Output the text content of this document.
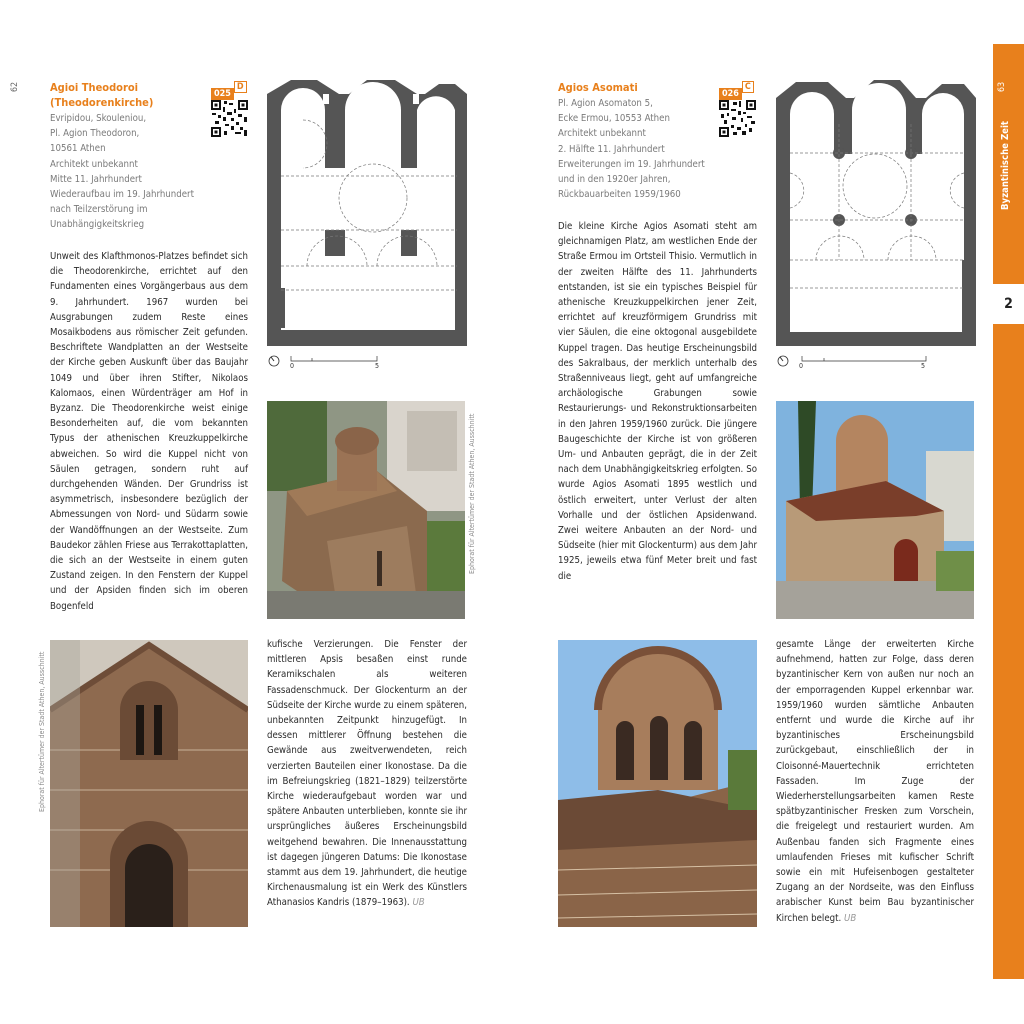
62	Agioi Theodoroi
(Theodorenkirche)
Evripidou, Skouleniou,
Pl. Agion Theodoron,
10561 Athen
Architekt unbekannt
Mitte 11. Jahrhundert
Wiederaufbau im 19. Jahrhundert
nach Teilzerstörung im
Unabhängigkeitskrieg
025D

Unweit des Klafthmonos-Platzes befindet sich die Theodorenkirche, errichtet auf den Fundamenten eines Vorgängerbaus aus dem 9. Jahrhundert. 1967 wurden bei Ausgrabungen zudem Reste eines Mosaikbodens aus römischer Zeit gefunden. Beschriftete Wandplatten an der Westseite der Kirche geben Auskunft über das Baujahr 1049 und über ihren Stifter, Nikolaos Kalomaos, einen Würdenträger am Hof in Byzanz. Die Theodorenkirche weist einige Besonderheiten auf, die vom bekannten Typus der athenischen Kreuzkuppelkirche abweichen. So wird die Kuppel nicht von Säulen getragen, sondern ruht auf durchgehenden Wänden. Der Grundriss ist asymmetrisch, insbesondere bezüglich der Abmessungen von Nord- und Südarm sowie der Wandöffnungen an der Westseite. Zum Baudekor zählen Friese aus Terrakottaplatten, die sich an der Westseite in einem guten Zustand zeigen. In den Fenstern der Kuppel und der Apsiden finden sich im oberen Bogenfeld

0	5
Ephorat für Altertümer der Stadt Athen, Ausschnitt
Ephorat für Altertümer der Stadt Athen, Ausschnitt

kufische Verzierungen. Die Fenster der mittleren Apsis besaßen einst runde Keramikschalen als weiteren Fassadenschmuck. Der Glockenturm an der Südseite der Kirche wurde zu einem späteren, unbekannten Zeitpunkt hinzugefügt. In dessen mittlerer Öffnung bestehen die Gewände aus zweitverwendeten, reich verzierten Bauteilen einer Ikonostase. Da die im Befreiungskrieg (1821–1829) teilzerstörte Kirche wiederaufgebaut worden war und spätere Anbauten unterblieben, konnte sie ihr ursprüngliches äußeres Erscheinungsbild weitgehend bewahren. Die Innenausstattung ist dagegen jüngeren Datums: Die Ikonostase stammt aus dem 19. Jahrhundert, die heutige Kirchenausmalung ist ein Werk des Künstlers Athanasios Kandris (1879–1963). UB

Agios Asomati
Pl. Agion Asomaton 5,
Ecke Ermou, 10553 Athen
Architekt unbekannt
2. Hälfte 11. Jahrhundert
Erweiterungen im 19. Jahrhundert
und in den 1920er Jahren,
Rückbauarbeiten 1959/1960
026C

Die kleine Kirche Agios Asomati steht am gleichnamigen Platz, am westlichen Ende der Straße Ermou im Ortsteil Thisio. Vermutlich in der zweiten Hälfte des 11. Jahrhunderts entstanden, ist sie ein typisches Beispiel für athenische Kreuzkuppelkirchen jener Zeit, errichtet auf kreuzförmigem Grundriss mit vier Säulen, die eine oktogonal ausgebildete Kuppel tragen. Das heutige Erscheinungsbild des Sakralbaus, der merklich unterhalb des Straßenniveaus liegt, geht auf umfangreiche archäologische Grabungen sowie Restaurierungs- und Rekonstruktionsarbeiten in den Jahren 1959/1960 zurück. Die jüngere Baugeschichte der Kirche ist von größeren Um- und Anbauten geprägt, die in der Zeit nach dem Unabhängigkeitskrieg erfolgten. So wurde Agios Asomati 1895 westlich und östlich erweitert, unter Verlust der alten Vorhalle und der östlichen Apsidenwand. Zwei weitere Anbauten an der Nord- und Südseite (hier mit Glockenturm) aus dem Jahr 1925, jeweils etwa fünf Meter breit und fast die

0	5

gesamte Länge der erweiterten Kirche aufnehmend, hatten zur Folge, dass deren byzantinischer Kern von außen nur noch an der emporragenden Kuppel erkennbar war. 1959/1960 wurden sämtliche Anbauten entfernt und wurde die Kirche auf ihr byzantinisches Erscheinungsbild zurückgebaut, einschließlich der in Cloisonné-Mauertechnik errichteten Fassaden. Im Zuge der Wiederherstellungsarbeiten kamen Reste spätbyzantinischer Fresken zum Vorschein, die freigelegt und restauriert wurden. Am Außenbau fanden sich Fragmente eines umlaufenden Frieses mit kufischer Schrift sowie ein mit Hufeisenbogen gestalteter Zugang an der Nordseite, was den Einfluss arabischer Kunst beim Bau byzantinischer Kirchen belegt. UB

Byzantinische Zeit
63
2
